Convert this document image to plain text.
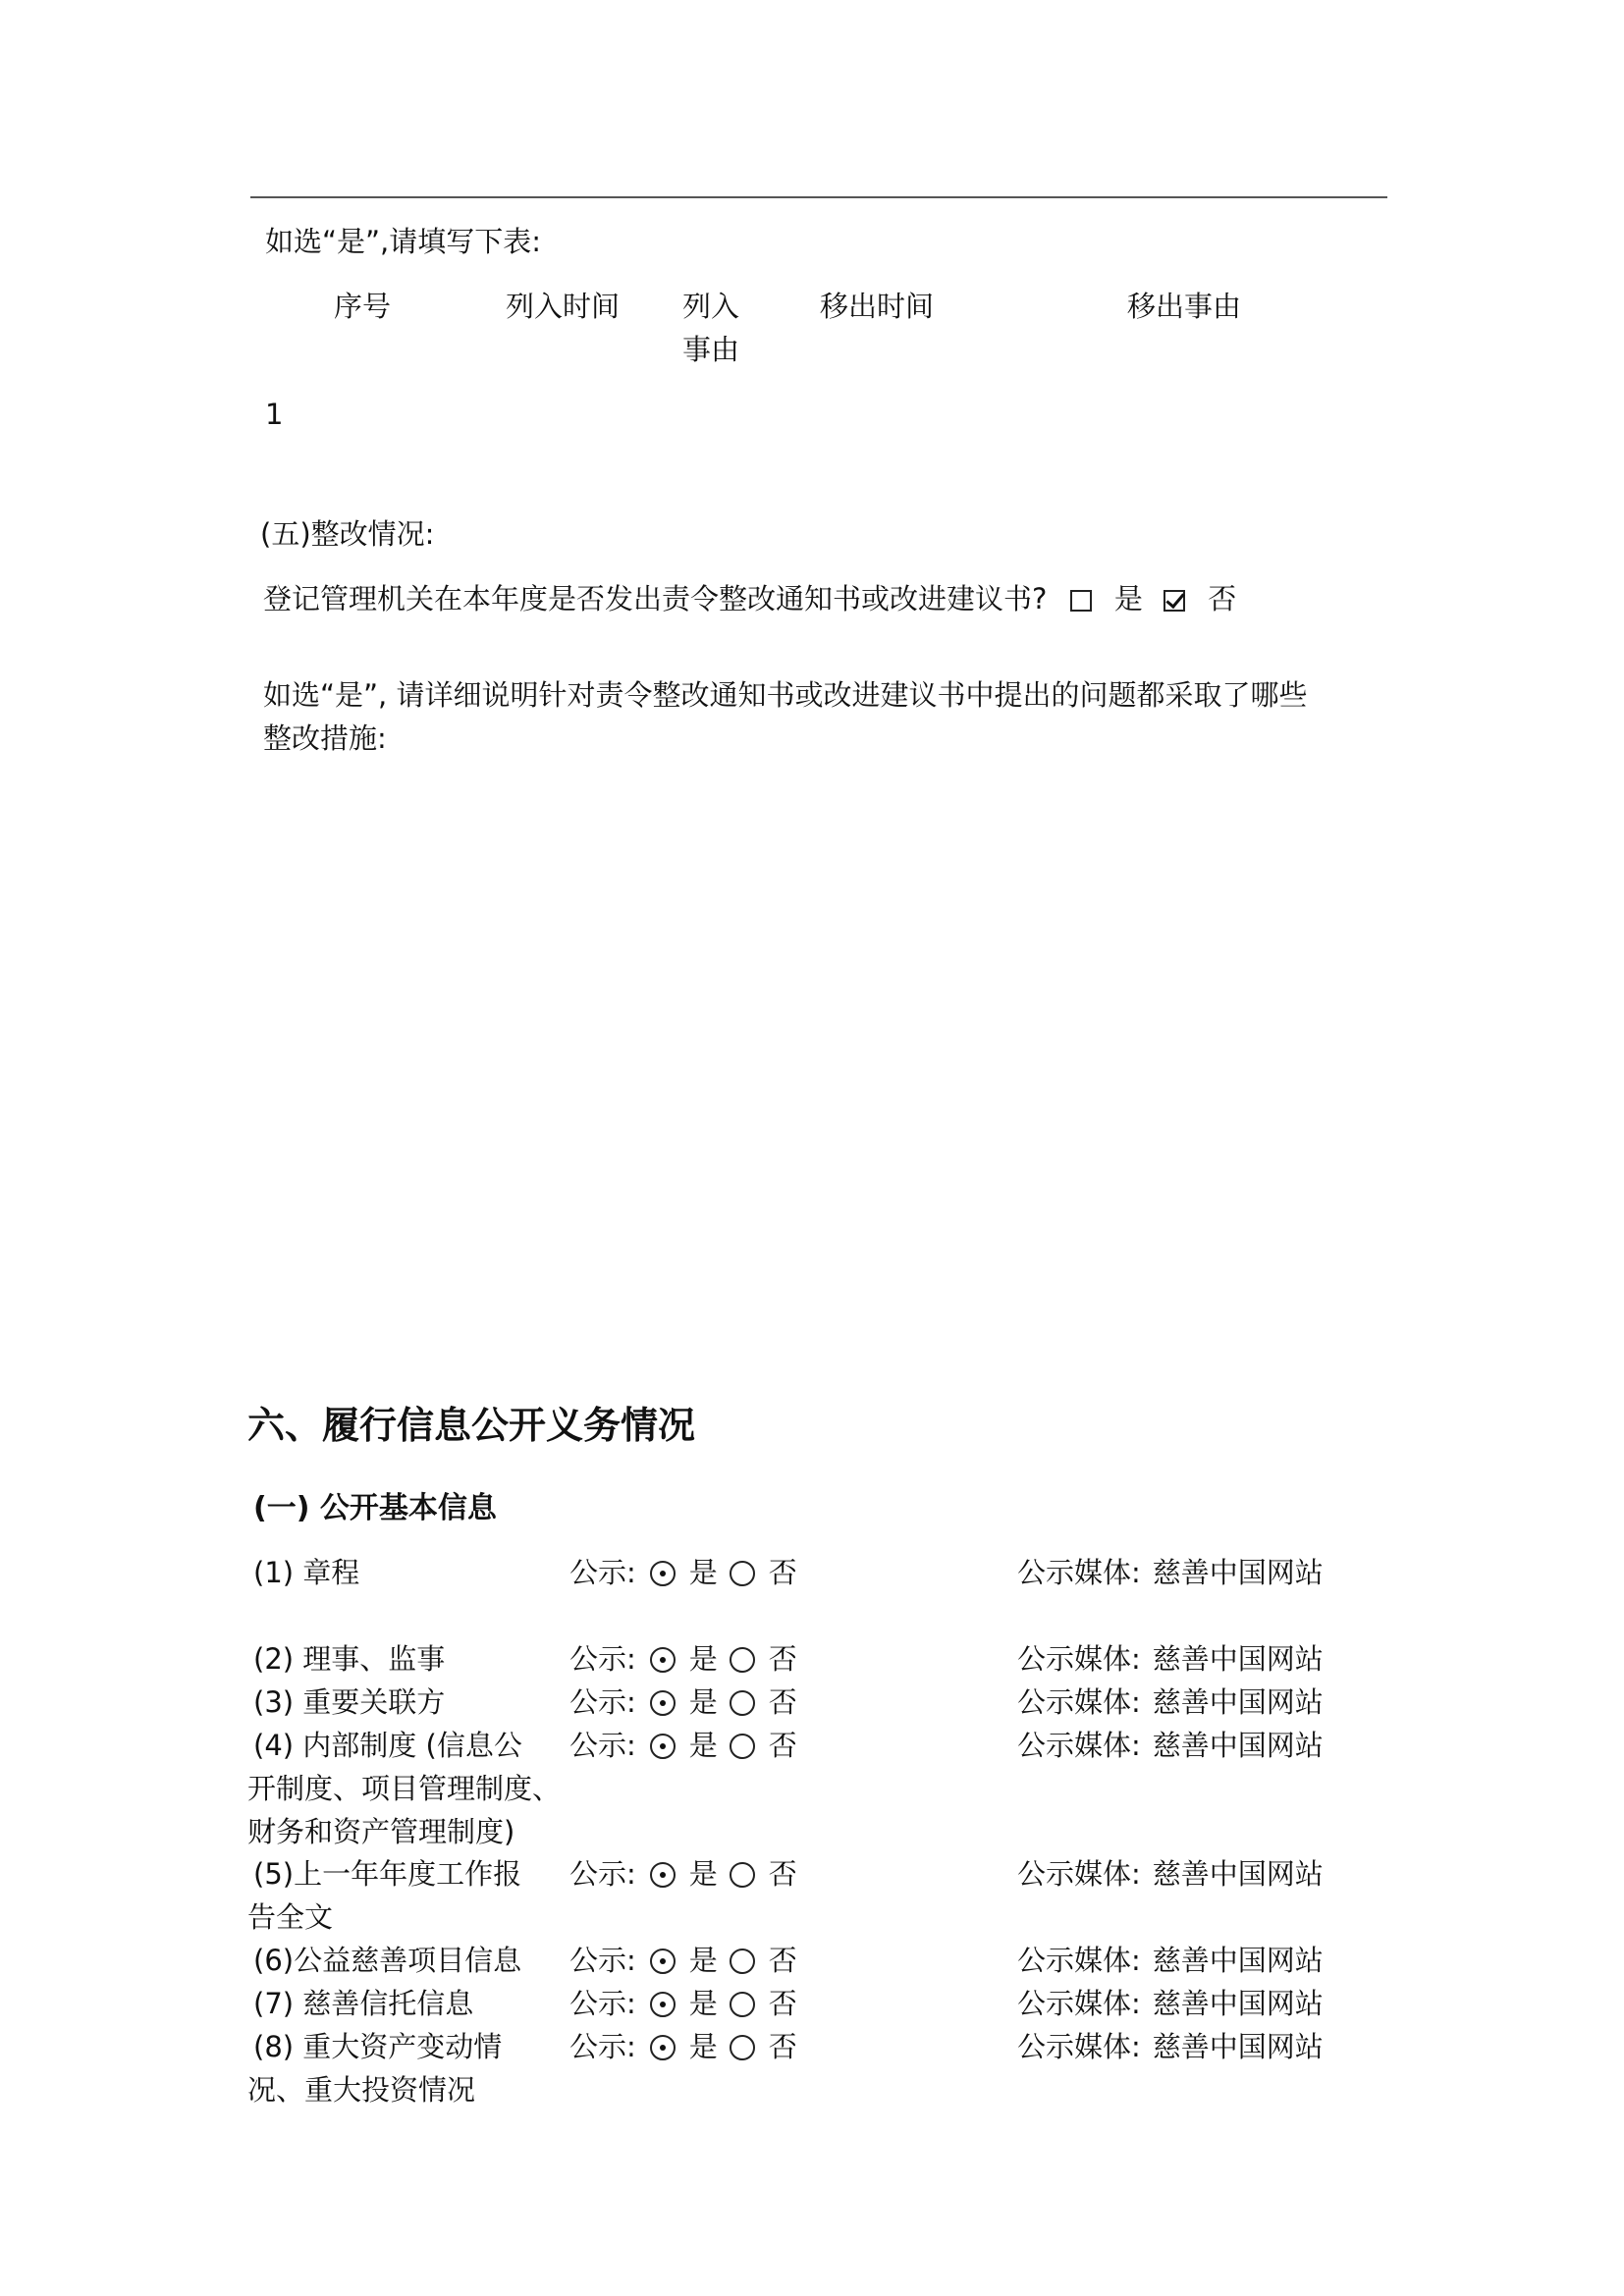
如选“是”,请填写下表:
序号	列入时间 列入
事由
移出时间	移出事由
1
(五)整改情况:
登记管理机关在本年度是否发出责令整改通知书或改进建议书? 是 否
如选“是”, 请详细说明针对责令整改通知书或改进建议书中提出的问题都采取了哪些
整改措施:
六、履行信息公开义务情况
(一) 公开基本信息
(1) 章程	公示: 是 否	公示媒体: 慈善中国网站
(2) 理事、监事	公示: 是 否	公示媒体: 慈善中国网站
(3) 重要关联方	公示: 是 否	公示媒体: 慈善中国网站
(4) 内部制度 (信息公
开制度、项目管理制度、
财务和资产管理制度)
公示: 是 否	公示媒体: 慈善中国网站
(5)上一年年度工作报
告全文
公示: 是 否	公示媒体: 慈善中国网站
(6)公益慈善项目信息 公示: 是 否	公示媒体: 慈善中国网站
(7) 慈善信托信息	公示: 是 否	公示媒体: 慈善中国网站
(8) 重大资产变动情
况、重大投资情况
公示: 是 否	公示媒体: 慈善中国网站
